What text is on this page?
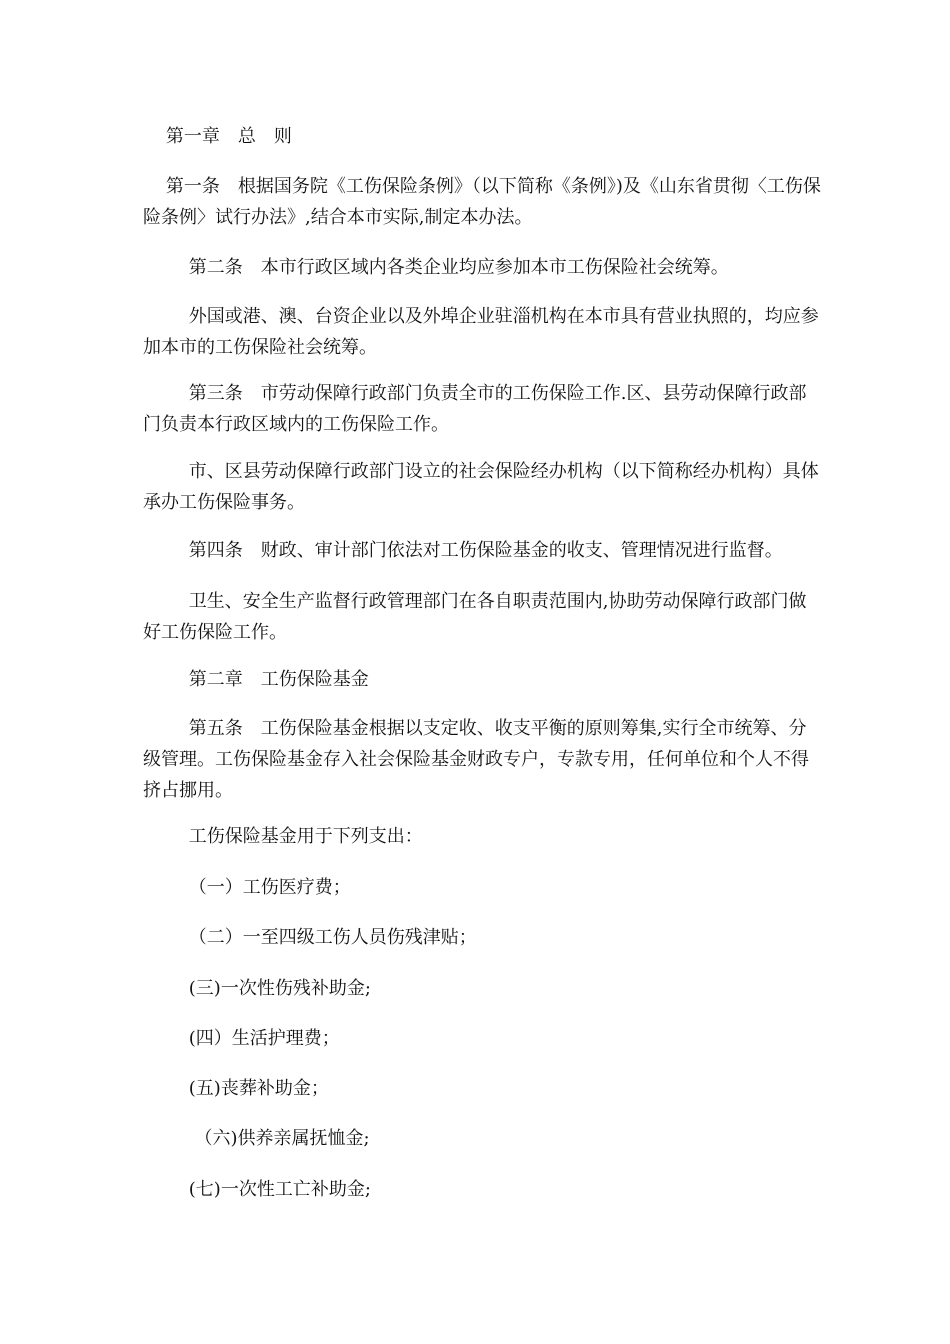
第一章　总　则

第一条　根据国务院《工伤保险条例》（以下简称《条例》)及《山东省贯彻〈工伤保险条例〉试行办法》,结合本市实际,制定本办法。

第二条　本市行政区域内各类企业均应参加本市工伤保险社会统筹。

外国或港、澳、台资企业以及外埠企业驻淄机构在本市具有营业执照的，均应参加本市的工伤保险社会统筹。

第三条　市劳动保障行政部门负责全市的工伤保险工作.区、县劳动保障行政部门负责本行政区域内的工伤保险工作。

市、区县劳动保障行政部门设立的社会保险经办机构（以下简称经办机构）具体承办工伤保险事务。

第四条　财政、审计部门依法对工伤保险基金的收支、管理情况进行监督。

卫生、安全生产监督行政管理部门在各自职责范围内,协助劳动保障行政部门做好工伤保险工作。

第二章　工伤保险基金

第五条　工伤保险基金根据以支定收、收支平衡的原则筹集,实行全市统筹、分级管理。工伤保险基金存入社会保险基金财政专户，专款专用，任何单位和个人不得挤占挪用。

工伤保险基金用于下列支出：

（一）工伤医疗费；

（二）一至四级工伤人员伤残津贴；

(三)一次性伤残补助金;

(四）生活护理费；

(五)丧葬补助金；

（六)供养亲属抚恤金;

(七)一次性工亡补助金;
